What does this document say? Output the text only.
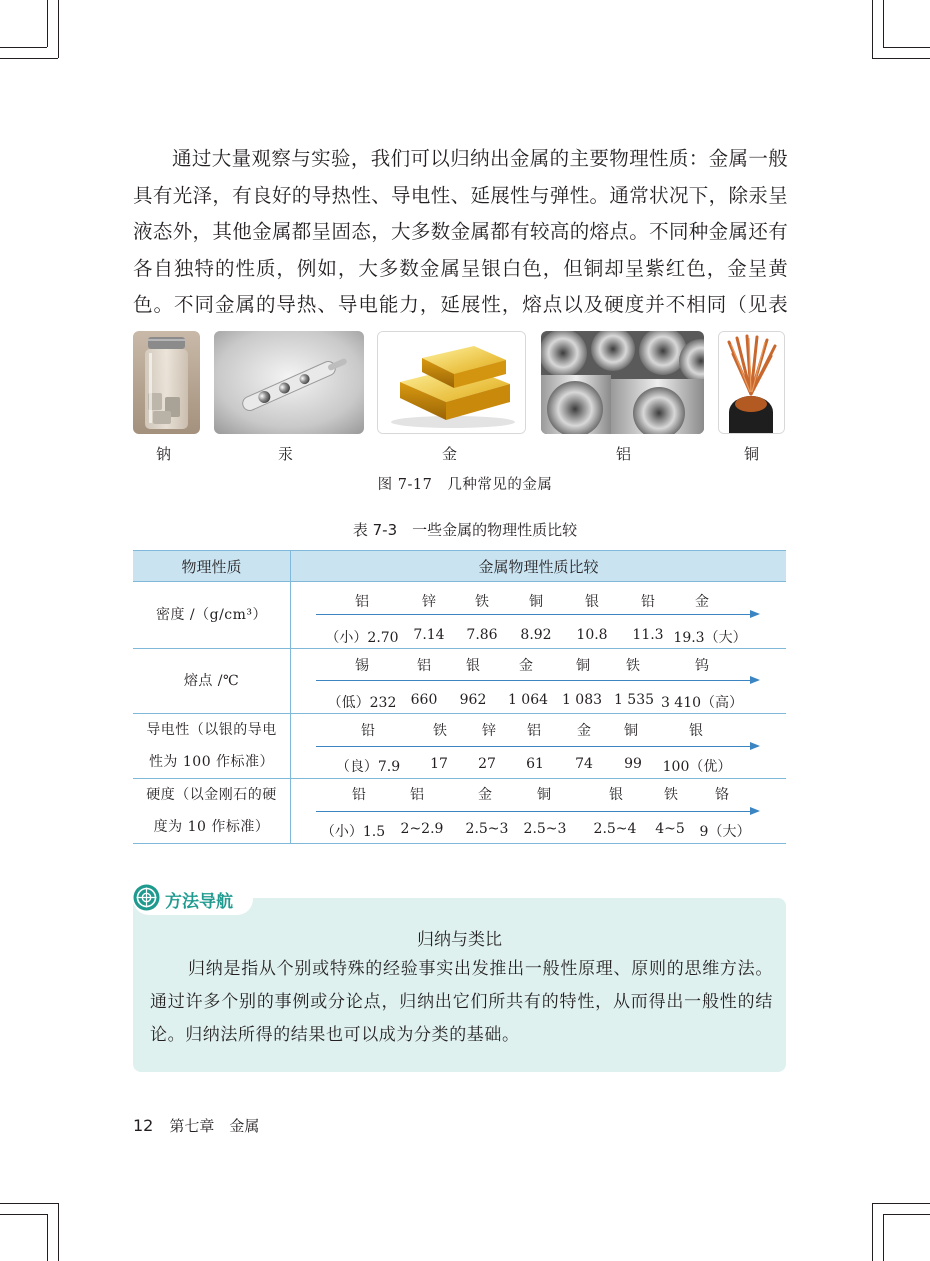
通过大量观察与实验，我们可以归纳出金属的主要物理性质：金属一般具有光泽，有良好的导热性、导电性、延展性与弹性。通常状况下，除汞呈液态外，其他金属都呈固态，大多数金属都有较高的熔点。不同种金属还有各自独特的性质，例如，大多数金属呈银白色，但铜却呈紫红色，金呈黄色。不同金属的导热、导电能力，延展性，熔点以及硬度并不相同（见表

钠	汞	金	铝	铜
图 7-17　几种常见的金属
表 7-3　一些金属的物理性质比较
物理性质	金属物理性质比较
密度 /（g/cm³）
铝	锌	铁	铜	银	铅	金
（小）2.70 7.14 7.86 8.92 10.8 11.3 19.3（大）
熔点 /℃
锡	铝	银	金	铜	铁	钨
（低）232 660 962 1 064 1 083 1 535 3 410（高）
导电性（以银的导电
性为 100 作标准）
铅	铁	锌 铝	金 铜	银
（良）7.9 17 27 61 74 99 100（优）
硬度（以金刚石的硬
度为 10 作标准）
铅	铝	金	铜	银	铁	铬
（小）1.5 2~2.9 2.5~3 2.5~3 2.5~4 4~5 9（大）
方法导航
归纳与类比

归纳是指从个别或特殊的经验事实出发推出一般性原理、原则的思维方法。通过许多个别的事例或分论点，归纳出它们所共有的特性，从而得出一般性的结论。归纳法所得的结果也可以成为分类的基础。

12 第七章　金属
